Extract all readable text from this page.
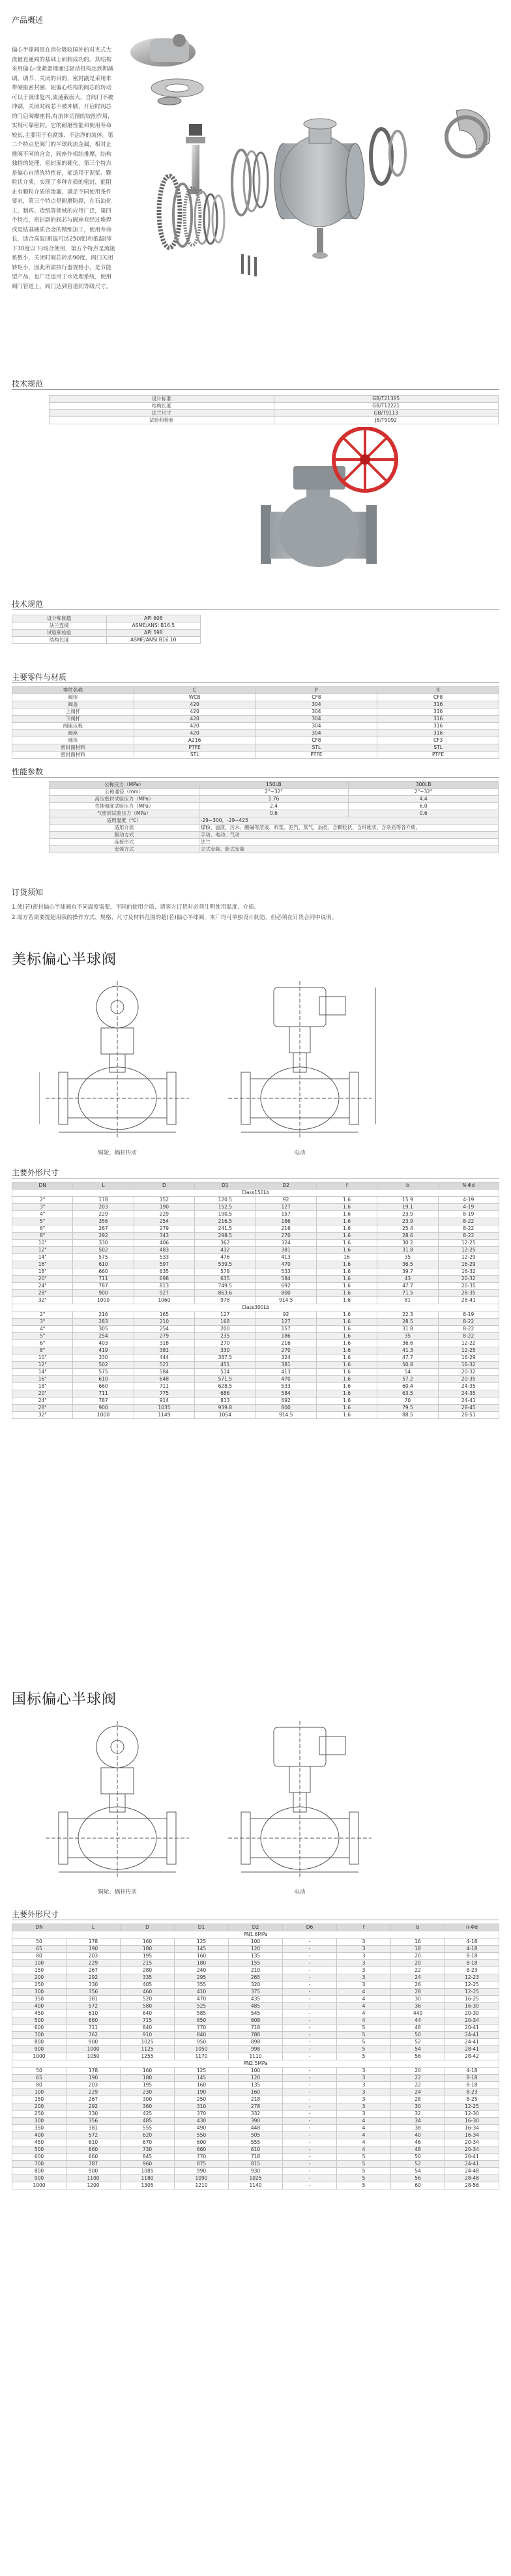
产品概述
偏心半球阀是在消化吸收国外的对夹式大流量直通阀的基础上研制成功的。其结构采用偏心-变紧蛋理通过驱动机构达到期减调、调节、关闭的目的，密封副是采用来带硬座密封圈、阻偏心结构的阀芯的转动可以于就球复内,流通截面大，自阀门不被冲刷，关闭时阀芯不被冲刷，开启时阀芯的门启阀瓣座将,有流体切削的铰削作用，实现可靠密封。它的耐磨性能和使用寿命较长,主要用于有腐蚀、不洁净的流体。第二个特点是阀门的半球阀流金属，相对止推阀不同的含金，阀座作相结推摩，结构独特的处理，密封面的硬化。第三个特点是偏心自清洗特性好，能适用于泥浆、颗粒状介质，实现了多种介质的密封，能阻止有颗粒介质的渗漏，满足不同使用条件要求，第三个特点是耐磨防腐，在石油化工、制药、造纸等领域的应用广泛，第四个特点，密封副的阀芯与阀座有经过堆焊或是钴基硬质合金的精细加工，使用寿命长，适合高温(耐温可达250度)和低温(零下30度以下)场合使用，第五个特点是流阻系数小，关闭时阀芯转动90度，阀门关闭转矩小，因此所需执行器规格小，是节能型产品，也广泛适用于水处理系统，使用阀门管道上，阀门达到管道同等级尺寸。
技术规范
设计标准	GB/T21385
结构长度	GB/T12221
法兰尺寸	GB/T9113
试验和检验	JB/T9092
技术规范
设计和制造	API 608
法兰连接	ASME/ANSI B16.5
试验和检验	API 598
结构长度	ASME/ANSI B16.10
主要零件与材质
零件名称	C	P	R
阀体	WCB	CF8	CF8
阀盖	420	304	316
上阀杆	420	304	316
下阀杆	420	304	316
阀座压板	420	304	316
阀座	420	304	316
球体	A216	CF8	CF3
密封面材料	PTFE	STL	STL
密封面材料	STL	PTFE	PTFE
性能参数
公称压力（MPa）	150LB	300LB
公称通径（mm）	2"~32"	2"~32"
高压密封试验压力（MPa）	1.76	4.4
壳体强度试验压力（MPa）	2.4	6.0
气密封试验压力（MPa）	0.6	0.6
适用温度（℃）	-29~300，-29~425	
适用介质	煤粉、滤渣、污水、酸碱等溶液、料浆、泥汽、蒸气、油类、含颗粒状、含纤维状、含杂质等各介质。	
驱动方式	手动、电动、气动	
连接形式	法兰	
安装方式	立式安装、卧式安装	
订货须知
1.使(若)密封偏心半球阀有不同温度需要，不同的使用介质，请客方订货时必须注明使用温度、介质。
2.需方若需要提超用我的操作方式、规格、尺寸及材料范围的超(若)偏心半球阀，本厂均可单独设计制造，但必须在订货合同中说明。
美标偏心半球阀
铜轮、蜗杆传动	电动
主要外形尺寸
DN	L	D	D1	D2	f	b	N-Φd
Class150Lb							
2"	178	152	120.5	92	1.6	15.9	4-19
3"	203	190	152.5	127	1.6	19.1	4-19
4"	229	229	190.5	157	1.6	23.9	8-19
5"	356	254	216.5	186	1.6	23.9	8-22
6"	267	279	241.5	216	1.6	25.4	8-22
8"	292	343	298.5	270	1.6	28.6	8-22
10"	330	406	362	324	1.6	30.2	12-25
12"	502	483	432	381	1.6	31.8	12-25
14"	575	533	476	413	16	35	12-29
16"	610	597	539.5	470	1.6	36.5	16-29
18"	660	635	578	533	1.6	39.7	16-32
20"	711	698	635	584	1.6	43	20-32
24"	787	813	749.5	692	1.6	47.7	20-35
28"	900	927	863.6	800	1.6	71.5	28-35
32"	1000	1060	978	914.5	1.6	81	28-41
Class300Lb							
2"	216	165	127	92	1.6	22.3	8-19
3"	283	210	168	127	1.6	28.5	8-22
4"	305	254	200	157	1.6	31.8	8-22
5"	254	279	235	186	1.6	35	8-22
6"	403	318	270	216	1.6	36.6	12-22
8"	419	381	330	270	1.6	41.3	12-25
10"	330	444	387.5	324	1.6	47.7	16-29
12"	502	521	451	381	1.6	50.8	16-32
14"	575	584	514	413	1.6	54	20-32
16"	610	648	571.5	470	1.6	57.2	20-35
18"	660	711	628.5	533	1.6	60.4	24-35
20"	711	775	686	584	1.6	63.5	24-35
24"	787	914	813	692	1.6	70	24-41
28"	900	1035	939.8	800	1.6	79.5	28-45
32"	1000	1149	1054	914.5	1.6	88.5	28-51
国标偏心半球阀
铜轮、蜗杆传动	电动
主要外形尺寸
DN	L	D	D1	D2	D6	f	b	n-Φd
PN1.6MPa								
50	178	160	125	100	-	3	16	4-18
65	190	180	145	120	-	3	18	4-18
80	203	195	160	135	-	3	20	8-18
100	229	215	180	155	-	3	20	8-18
150	267	280	240	210	-	3	22	8-23
200	292	335	295	265	-	3	24	12-23
250	330	405	355	320	-	3	26	12-25
300	356	460	410	375	-	4	28	12-25
350	381	520	470	435	-	4	30	16-25
400	572	580	525	485	-	4	36	16-30
450	610	640	585	545	-	4	440	20-30
500	660	715	650	608	-	4	44	20-34
600	711	840	770	718	-	5	48	20-41
700	762	910	840	788	-	5	50	24-41
800	900	1025	950	898	-	5	52	24-41
900	1000	1125	1050	998	-	5	54	28-41
1000	1050	1255	1170	1110	-	5	56	28-42
PN2.5MPa								
50	178	160	125	100	-	3	20	4-18
65	190	180	145	120	-	3	22	8-18
80	203	195	160	135	-	3	22	8-18
100	229	230	190	160	-	3	24	8-23
150	267	300	250	218	-	3	28	8-25
200	292	360	310	278	-	3	30	12-25
250	330	425	370	332	-	3	32	12-30
300	356	485	430	390	-	4	34	16-30
350	381	555	490	448	-	4	38	16-34
400	572	620	550	505	-	4	40	16-34
450	610	670	600	555	-	4	46	20-34
500	660	730	660	610	-	4	48	20-34
600	660	845	770	718	-	5	50	20-41
700	787	960	875	815	-	5	52	24-41
800	900	1085	990	930	-	5	54	24-48
900	1100	1180	1090	1025	-	5	56	28-48
1000	1200	1305	1210	1140	-	5	60	28-56
